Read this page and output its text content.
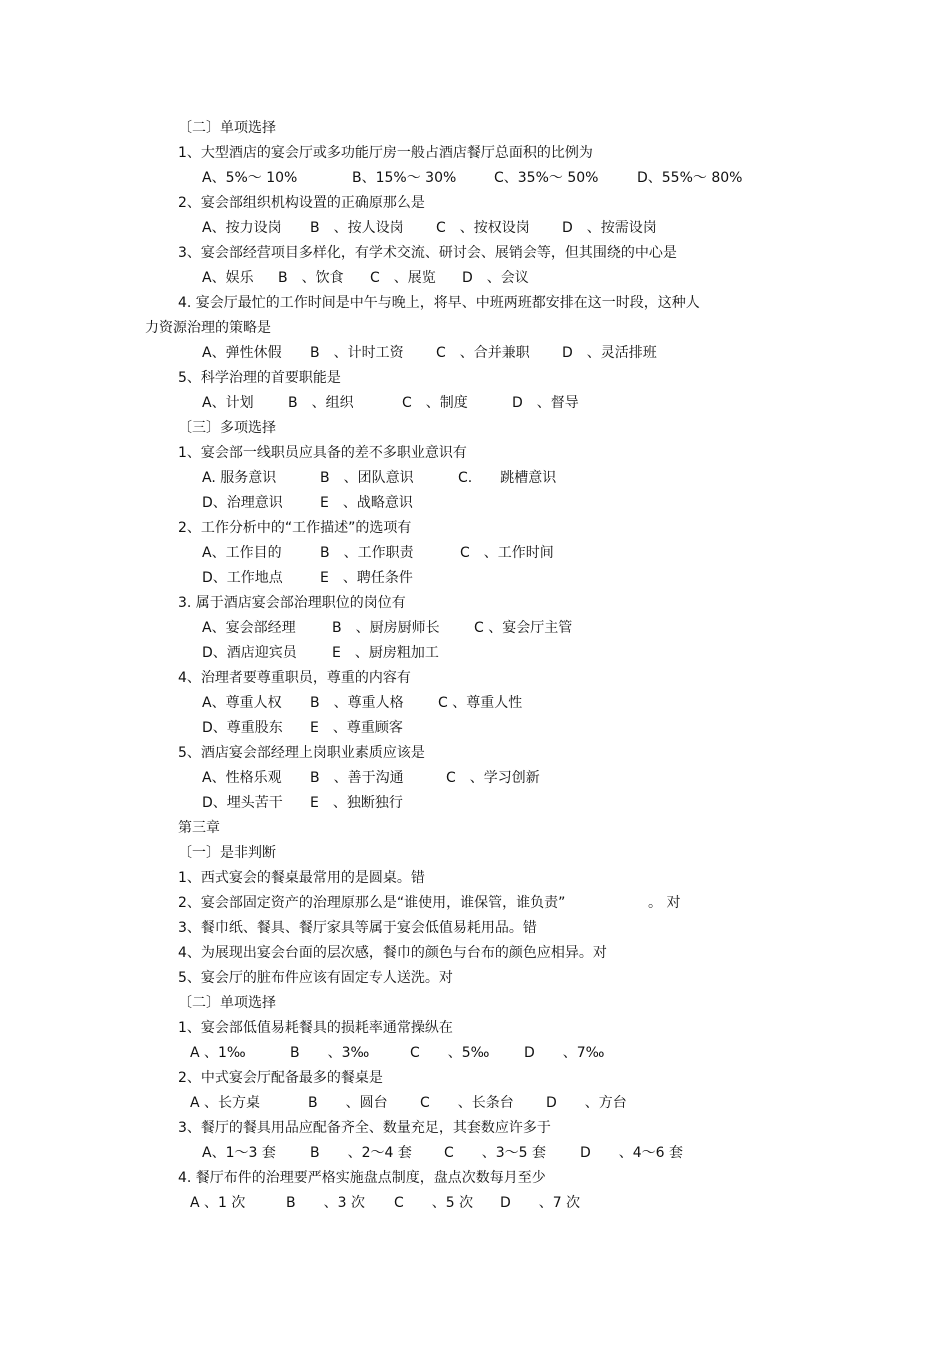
〔二〕单项选择
1、大型酒店的宴会厅或多功能厅房一般占酒店餐厅总面积的比例为
A、5%～ 10%	B、15%～ 30%	C、35%～ 50%	D、55%～ 80%
2、宴会部组织机构设置的正确原那么是
A、按力设岗 B　、按人设岗 C　、按权设岗 D　、按需设岗
3、宴会部经营项目多样化，有学术交流、研讨会、展销会等，但其围绕的中心是
A、娱乐 B　、饮食 C　、展览 D　、会议
4. 宴会厅最忙的工作时间是中午与晚上，将早、中班两班都安排在这一时段，这种人
力资源治理的策略是
A、弹性休假 B　、计时工资 C　、合并兼职 D　、灵活排班
5、科学治理的首要职能是
A、计划 B　、组织	C　、制度	D　、督导
〔三〕多项选择
1、宴会部一线职员应具备的差不多职业意识有
A. 服务意识	B　、团队意识	C.　　跳槽意识
D、治理意识	E　、战略意识
2、工作分析中的“工作描述”的选项有
A、工作目的	B　、工作职责	C　、工作时间
D、工作地点	E　、聘任条件
3. 属于酒店宴会部治理职位的岗位有
A、宴会部经理	B　、厨房厨师长 C 、宴会厅主管
D、酒店迎宾员	E　、厨房粗加工
4、治理者要尊重职员，尊重的内容有
A、尊重人权 B　、尊重人格 C 、尊重人性
D、尊重股东 E　、尊重顾客
5、酒店宴会部经理上岗职业素质应该是
A、性格乐观 B　、善于沟通	C　、学习创新
D、埋头苦干 E　、独断独行
第三章
〔一〕是非判断
1、西式宴会的餐桌最常用的是圆桌。错
2、宴会部固定资产的治理原那么是“谁使用，谁保管，谁负责”	。 对
3、餐巾纸、餐具、餐厅家具等属于宴会低值易耗用品。错
4、为展现出宴会台面的层次感，餐巾的颜色与台布的颜色应相异。对
5、宴会厅的脏布件应该有固定专人送洗。对
〔二〕单项选择
1、宴会部低值易耗餐具的损耗率通常操纵在
A 、1‰	B　　、3‰	C　　、5‰ D　　、7‰
2、中式宴会厅配备最多的餐桌是
A 、长方桌	B　　、圆台 C　　、长条台 D　　、方台
3、餐厅的餐具用品应配备齐全、数量充足，其套数应许多于
A、1～3 套 B　　、2～4 套 C　　、3～5 套 D　　、4～6 套
4. 餐厅布件的治理要严格实施盘点制度，盘点次数每月至少
A 、1 次	B　　、3 次 C　　、5 次 D　　、7 次
